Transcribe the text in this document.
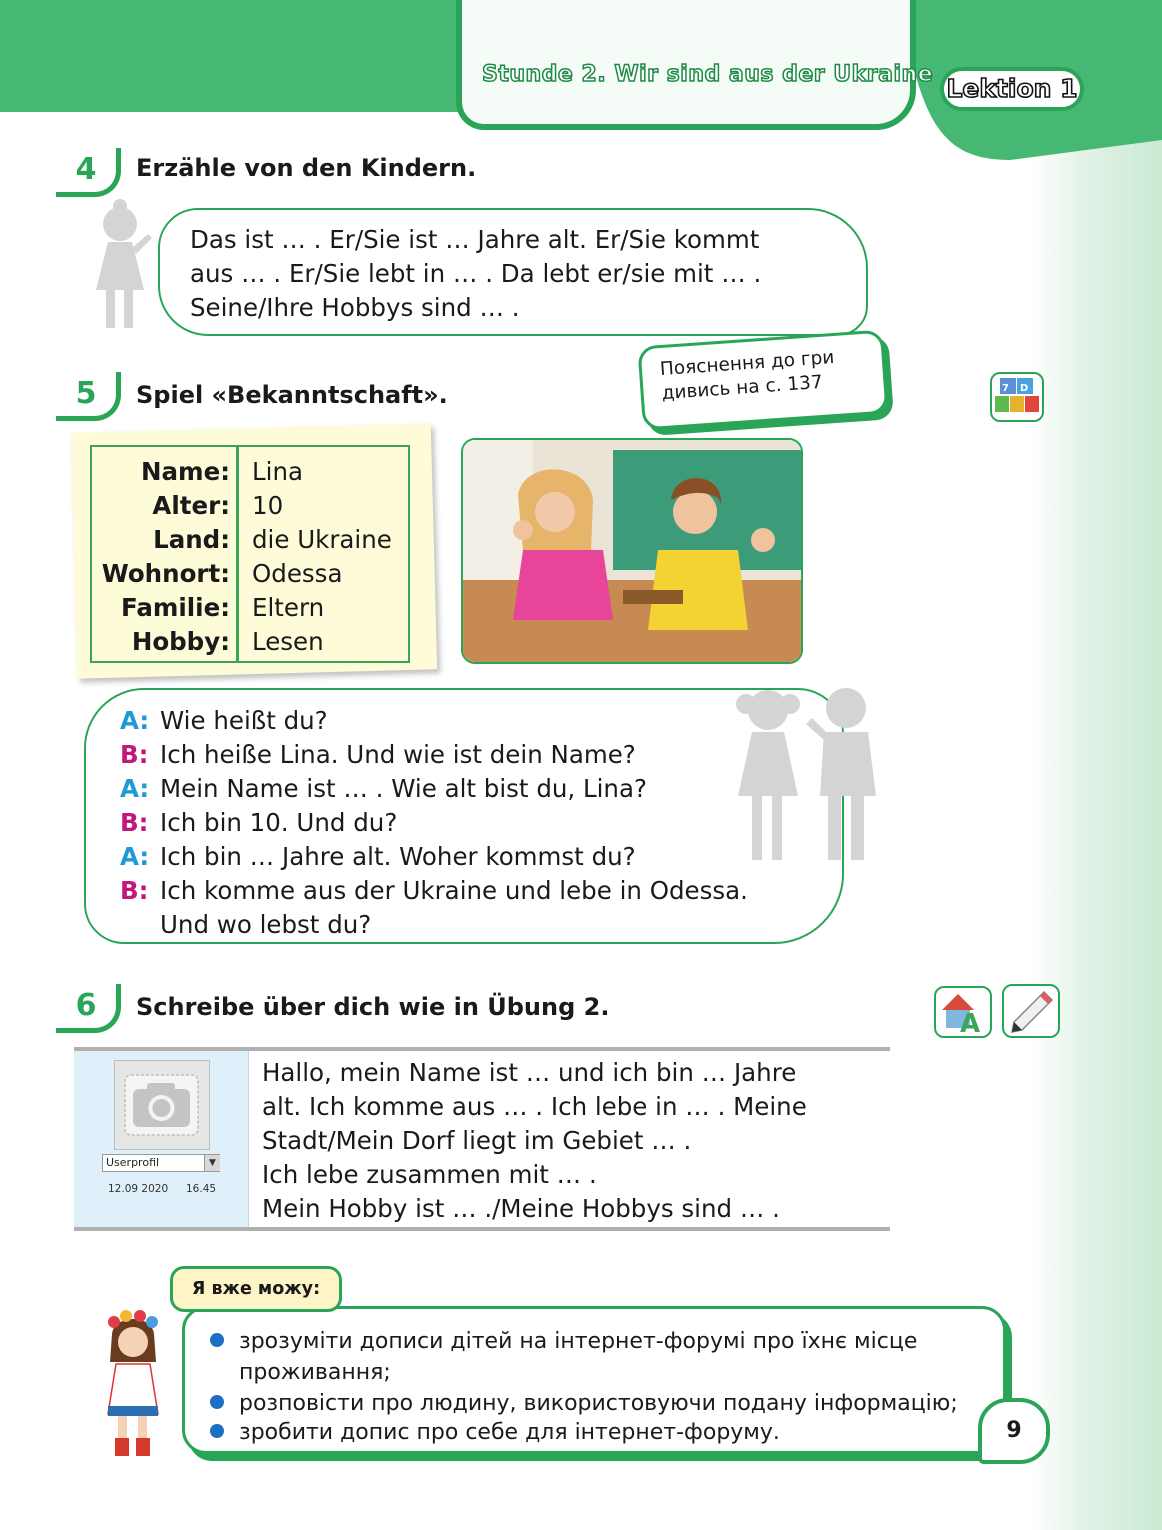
Stunde 2. Wir sind aus der Ukraine Lektion 1
4	Erzähle von den Kindern.
Das ist … . Er/Sie ist … Jahre alt. Er/Sie kommt
aus … . Er/Sie lebt in … . Da lebt er/sie mit … .
Seine/Ihre Hobbys sind … .
5	Spiel «Bekanntschaft».
Пояснення до гри
дивись на с. 137	7 D
Name: Lina
Alter: 10
Land: die Ukraine
Wohnort: Odessa
Familie: Eltern
Hobby: Lesen
A: Wie heißt du?
B: Ich heiße Lina. Und wie ist dein Name?
A: Mein Name ist … . Wie alt bist du, Lina?
B: Ich bin 10. Und du?
A: Ich bin … Jahre alt. Woher kommst du?
B: Ich komme aus der Ukraine und lebe in Odessa.
Und wo lebst du?
6	Schreibe über dich wie in Übung 2.
A
Userprofil	▼
12.09 2020 16.45
Hallo, mein Name ist … und ich bin … Jahre
alt. Ich komme aus … . Ich lebe in … . Meine
Stadt/Mein Dorf liegt im Gebiet … .
Ich lebe zusammen mit … .
Mein Hobby ist … ./Meine Hobbys sind … .
Я вже можу:
зрозуміти дописи дітей на інтернет-форумі про їхнє місце
проживання;
розповісти про людину, використовуючи подану інформацію;
зробити допис про себе для інтернет-форуму.	9
